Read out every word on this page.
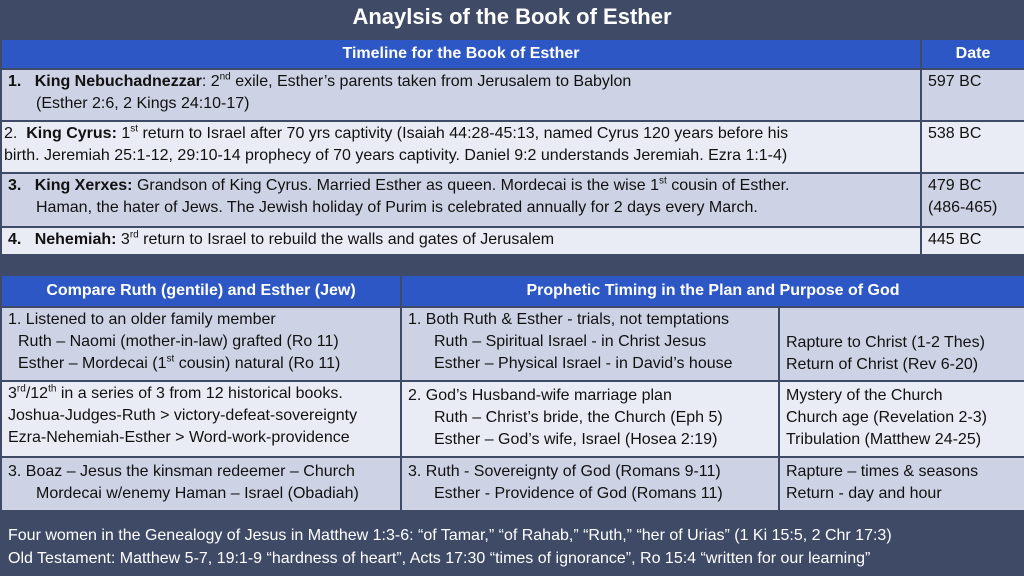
Anaylsis of the Book of Esther
Timeline for the Book of Esther	Date

1. King Nebuchadnezzar: 2nd exile, Esther’s parents taken from Jerusalem to Babylon
(Esther 2:6, 2 Kings 24:10-17)	597 BC

2. King Cyrus: 1st return to Israel after 70 yrs captivity (Isaiah 44:28-45:13, named Cyrus 120 years before his
birth. Jeremiah 25:1-12, 29:10-14 prophecy of 70 years captivity. Daniel 9:2 understands Jeremiah. Ezra 1:1-4)	538 BC

3. King Xerxes: Grandson of King Cyrus. Married Esther as queen. Mordecai is the wise 1st cousin of Esther.
Haman, the hater of Jews. The Jewish holiday of Purim is celebrated annually for 2 days every March.	479 BC
(486-465)

4. Nehemiah: 3rd return to Israel to rebuild the walls and gates of Jerusalem	445 BC
Compare Ruth (gentile) and Esther (Jew)	Prophetic Timing in the Plan and Purpose of God	

1. Listened to an older family member
Ruth – Naomi (mother-in-law) grafted (Ro 11)
Esther – Mordecai (1st cousin) natural (Ro 11)	1. Both Ruth & Esther - trials, not temptations
Ruth – Spiritual Israel - in Christ Jesus
Esther – Physical Israel - in David’s house	Rapture to Christ (1-2 Thes)
Return of Christ (Rev 6-20)

3rd/12th in a series of 3 from 12 historical books.
Joshua-Judges-Ruth > victory-defeat-sovereignty
Ezra-Nehemiah-Esther > Word-work-providence	2. God’s Husband-wife marriage plan
Ruth – Christ’s bride, the Church (Eph 5)
Esther – God’s wife, Israel (Hosea 2:19)	Mystery of the Church
Church age (Revelation 2-3)
Tribulation (Matthew 24-25)

3. Boaz – Jesus the kinsman redeemer – Church
Mordecai w/enemy Haman – Israel (Obadiah)	3. Ruth - Sovereignty of God (Romans 9-11)
Esther - Providence of God (Romans 11)	Rapture – times & seasons
Return - day and hour
Four women in the Genealogy of Jesus in Matthew 1:3-6: “of Tamar,” “of Rahab,” “Ruth,” “her of Urias” (1 Ki 15:5, 2 Chr 17:3)
Old Testament: Matthew 5-7, 19:1-9 “hardness of heart”, Acts 17:30 “times of ignorance”, Ro 15:4 “written for our learning”
